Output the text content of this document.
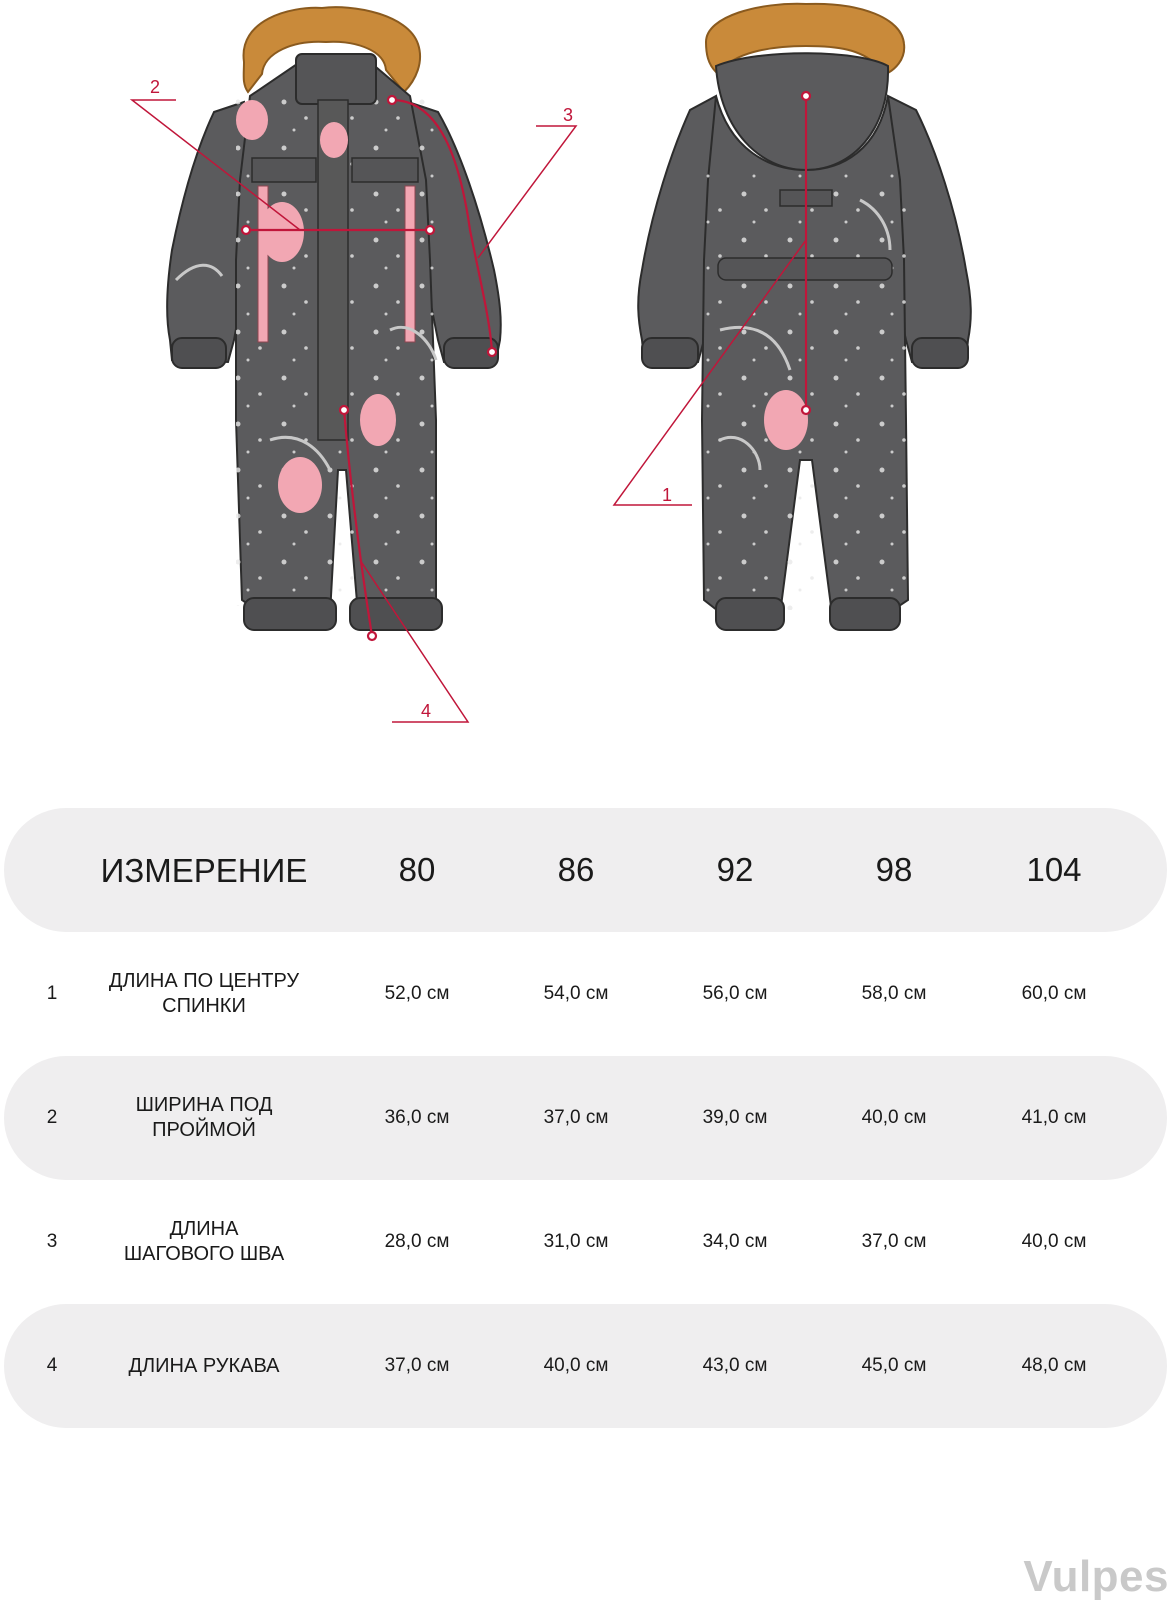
1
2
3
4
ИЗМЕРЕНИЕ	80	86	92	98	104
1
ДЛИНА ПО ЦЕНТРУ
СПИНКИ
52,0 см	54,0 см	56,0 см	58,0 см	60,0 см
2
ШИРИНА ПОД
ПРОЙМОЙ
36,0 см	37,0 см	39,0 см	40,0 см	41,0 см
3
ДЛИНА
ШАГОВОГО ШВА
28,0 см	31,0 см	34,0 см	37,0 см	40,0 см
4	ДЛИНА РУКАВА	37,0 см	40,0 см	43,0 см	45,0 см	48,0 см
Vulpes
